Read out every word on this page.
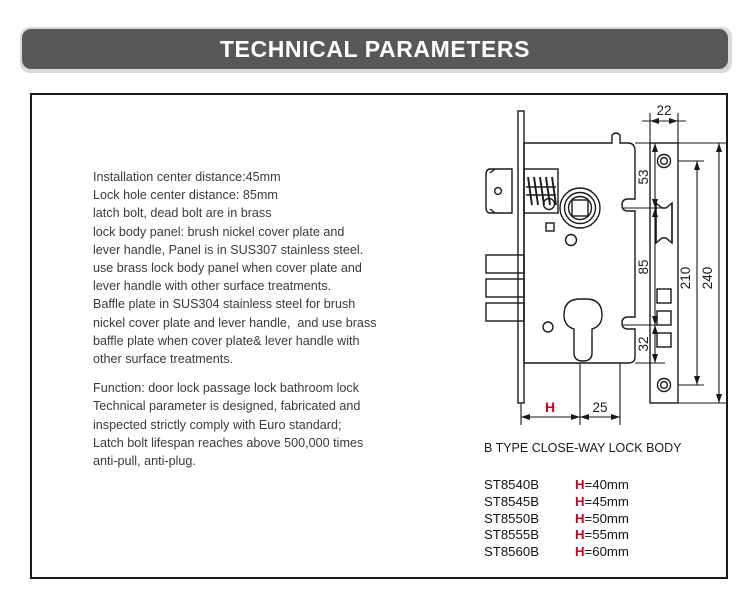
TECHNICAL PARAMETERS

Installation center distance:45mm
Lock hole center distance: 85mm
latch bolt, dead bolt are in brass
lock body panel: brush nickel cover plate and
lever handle, Panel is in SUS307 stainless steel.
use brass lock body panel when cover plate and
lever handle with other surface treatments.
Baffle plate in SUS304 stainless steel for brush
nickel cover plate and lever handle,  and use brass
baffle plate when cover plate& lever handle with
other surface treatments.

Function: door lock passage lock bathroom lock
Technical parameter is designed, fabricated and
inspected strictly comply with Euro standard;
Latch bolt lifespan reaches above 500,000 times
anti-pull, anti-plug.

53
85
32
H	25
22
210 240
B TYPE CLOSE-WAY LOCK BODY
ST8540B	H=40mm
ST8545B	H=45mm
ST8550B	H=50mm
ST8555B	H=55mm
ST8560B	H=60mm
